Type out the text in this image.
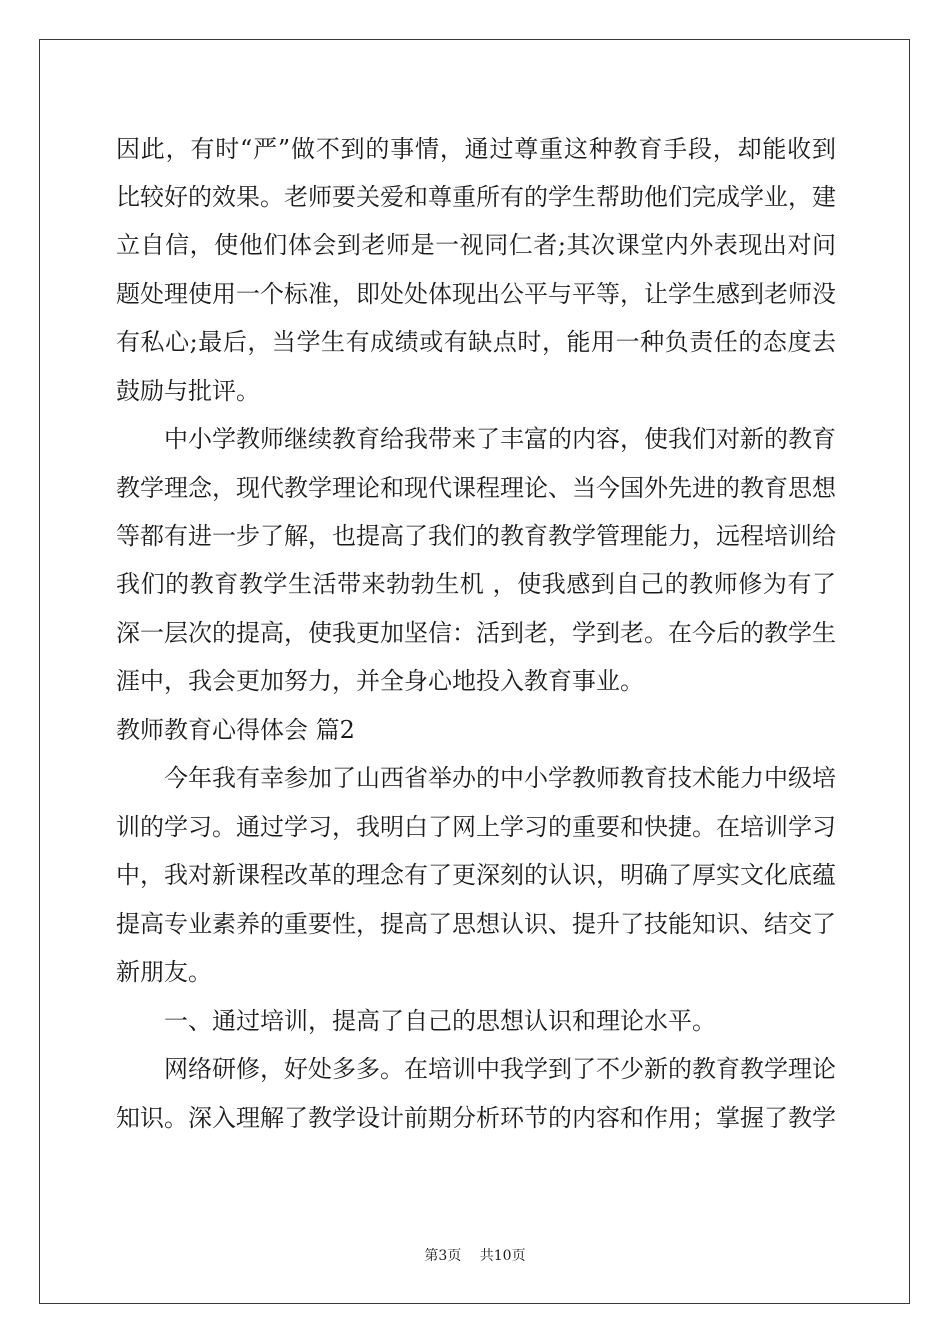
因此，有时“严”做不到的事情，通过尊重这种教育手段，却能收到
比较好的效果。老师要关爱和尊重所有的学生帮助他们完成学业，建
立自信，使他们体会到老师是一视同仁者;其次课堂内外表现出对问
题处理使用一个标准，即处处体现出公平与平等，让学生感到老师没
有私心;最后，当学生有成绩或有缺点时，能用一种负责任的态度去
鼓励与批评。
　　中小学教师继续教育给我带来了丰富的内容，使我们对新的教育
教学理念，现代教学理论和现代课程理论、当今国外先进的教育思想
等都有进一步了解，也提高了我们的教育教学管理能力，远程培训给
我们的教育教学生活带来勃勃生机 ，使我感到自己的教师修为有了
深一层次的提高，使我更加坚信：活到老，学到老。在今后的教学生
涯中，我会更加努力，并全身心地投入教育事业。
教师教育心得体会 篇2
　　今年我有幸参加了山西省举办的中小学教师教育技术能力中级培
训的学习。通过学习，我明白了网上学习的重要和快捷。在培训学习
中，我对新课程改革的理念有了更深刻的认识，明确了厚实文化底蕴
提高专业素养的重要性，提高了思想认识、提升了技能知识、结交了
新朋友。
　　一、通过培训，提高了自己的思想认识和理论水平。
　　网络研修，好处多多。在培训中我学到了不少新的教育教学理论
知识。深入理解了教学设计前期分析环节的内容和作用；掌握了教学
第3页　 共10页
